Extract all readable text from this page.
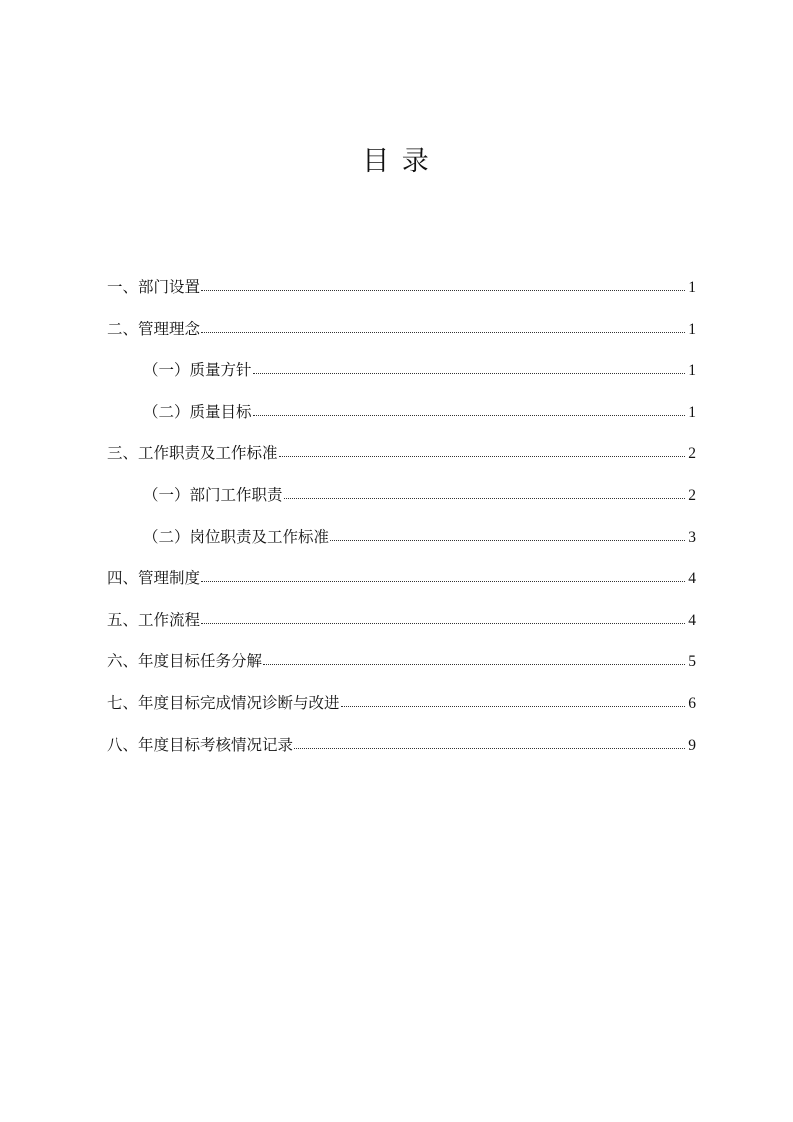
目 录
一、部门设置	1
二、管理理念	1
（一）质量方针	1
（二）质量目标	1
三、工作职责及工作标准	2
（一）部门工作职责	2
（二）岗位职责及工作标准	3
四、管理制度	4
五、工作流程	4
六、年度目标任务分解	5
七、年度目标完成情况诊断与改进	6
八、年度目标考核情况记录	9
